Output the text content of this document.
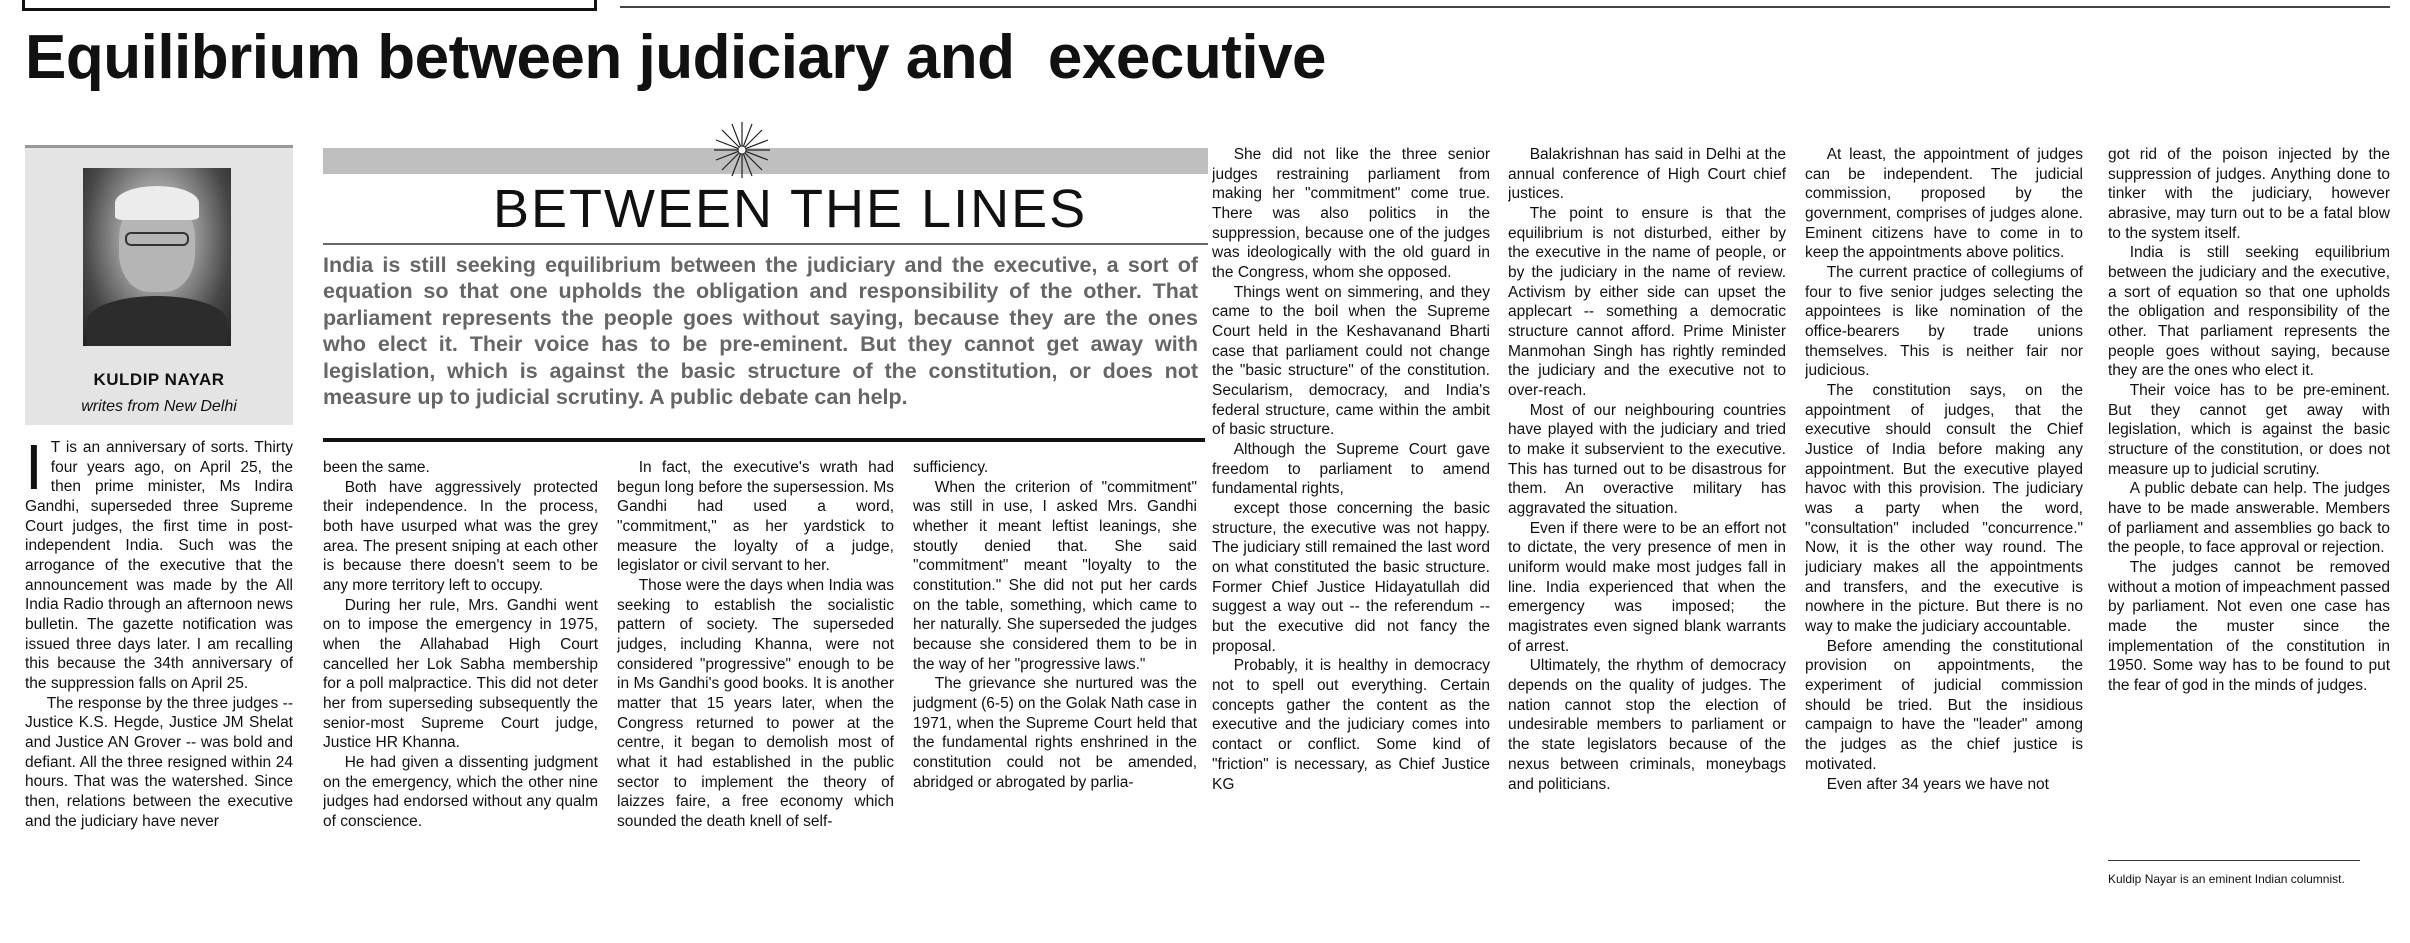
Equilibrium between judiciary and  executive
KULDIP NAYAR
writes from New Delhi
BETWEEN THE LINES
India is still seeking equilibrium between the judiciary and the executive, a sort of equation so that one upholds the obligation and responsibility of the other. That parliament represents the people goes without saying, because they are the ones who elect it. Their voice has to be pre-eminent. But they cannot get away with legislation, which is against the basic structure of the constitution, or does not measure up to judicial scrutiny. A public debate can help.

I T is an anniversary of sorts. Thirty four years ago, on April 25, the then prime minister, Ms Indira Gandhi, superseded three Supreme Court judges, the first time in post-independent India. Such was the arrogance of the executive that the announcement was made by the All India Radio through an afternoon news bulletin. The gazette notification was issued three days later. I am recalling this because the 34th anniversary of the suppression falls on April 25.

The response by the three judges -- Justice K.S. Hegde, Justice JM Shelat and Justice AN Grover -- was bold and defiant. All the three resigned within 24 hours. That was the watershed. Since then, relations between the executive and the judiciary have never

been the same.

Both have aggressively protected their independence. In the process, both have usurped what was the grey area. The present sniping at each other is because there doesn't seem to be any more territory left to occupy.

During her rule, Mrs. Gandhi went on to impose the emergency in 1975, when the Allahabad High Court cancelled her Lok Sabha membership for a poll malpractice. This did not deter her from superseding subsequently the senior-most Supreme Court judge, Justice HR Khanna.

He had given a dissenting judgment on the emergency, which the other nine judges had endorsed without any qualm of conscience.

In fact, the executive's wrath had begun long before the supersession. Ms Gandhi had used a word, "commitment," as her yardstick to measure the loyalty of a judge, legislator or civil servant to her.

Those were the days when India was seeking to establish the socialistic pattern of society. The superseded judges, including Khanna, were not considered "progressive" enough to be in Ms Gandhi's good books. It is another matter that 15 years later, when the Congress returned to power at the centre, it began to demolish most of what it had established in the public sector to implement the theory of laizzes faire, a free economy which sounded the death knell of self-

sufficiency.

When the criterion of "commitment" was still in use, I asked Mrs. Gandhi whether it meant leftist leanings, she stoutly denied that. She said "commitment" meant "loyalty to the constitution." She did not put her cards on the table, something, which came to her naturally. She superseded the judges because she considered them to be in the way of her "progressive laws."

The grievance she nurtured was the judgment (6-5) on the Golak Nath case in 1971, when the Supreme Court held that the fundamental rights enshrined in the constitution could not be amended, abridged or abrogated by parlia-

She did not like the three senior judges restraining parliament from making her "commitment" come true. There was also politics in the suppression, because one of the judges was ideologically with the old guard in the Congress, whom she opposed.

Things went on simmering, and they came to the boil when the Supreme Court held in the Keshavanand Bharti case that parliament could not change the "basic structure" of the constitution. Secularism, democracy, and India's federal structure, came within the ambit of basic structure.

Although the Supreme Court gave freedom to parliament to amend fundamental rights,

except those concerning the basic structure, the executive was not happy. The judiciary still remained the last word on what constituted the basic structure. Former Chief Justice Hidayatullah did suggest a way out -- the referendum -- but the executive did not fancy the proposal.

Probably, it is healthy in democracy not to spell out everything. Certain concepts gather the content as the executive and the judiciary comes into contact or conflict. Some kind of "friction" is necessary, as Chief Justice KG

Balakrishnan has said in Delhi at the annual conference of High Court chief justices.

The point to ensure is that the equilibrium is not disturbed, either by the executive in the name of people, or by the judiciary in the name of review. Activism by either side can upset the applecart -- something a democratic structure cannot afford. Prime Minister Manmohan Singh has rightly reminded the judiciary and the executive not to over-reach.

Most of our neighbouring countries have played with the judiciary and tried to make it subservient to the executive. This has turned out to be disastrous for them. An overactive military has aggravated the situation.

Even if there were to be an effort not to dictate, the very presence of men in uniform would make most judges fall in line. India experienced that when the emergency was imposed; the magistrates even signed blank warrants of arrest.

Ultimately, the rhythm of democracy depends on the quality of judges. The nation cannot stop the election of undesirable members to parliament or the state legislators because of the nexus between criminals, moneybags and politicians.

At least, the appointment of judges can be independent. The judicial commission, proposed by the government, comprises of judges alone. Eminent citizens have to come in to keep the appointments above politics.

The current practice of collegiums of four to five senior judges selecting the appointees is like nomination of the office-bearers by trade unions themselves. This is neither fair nor judicious.

The constitution says, on the appointment of judges, that the executive should consult the Chief Justice of India before making any appointment. But the executive played havoc with this provision. The judiciary was a party when the word, "consultation" included "concurrence." Now, it is the other way round. The judiciary makes all the appointments and transfers, and the executive is nowhere in the picture. But there is no way to make the judiciary accountable.

Before amending the constitutional provision on appointments, the experiment of judicial commission should be tried. But the insidious campaign to have the "leader" among the judges as the chief justice is motivated.

Even after 34 years we have not

got rid of the poison injected by the suppression of judges. Anything done to tinker with the judiciary, however abrasive, may turn out to be a fatal blow to the system itself.

India is still seeking equilibrium between the judiciary and the executive, a sort of equation so that one upholds the obligation and responsibility of the other. That parliament represents the people goes without saying, because they are the ones who elect it.

Their voice has to be pre-eminent. But they cannot get away with legislation, which is against the basic structure of the constitution, or does not measure up to judicial scrutiny.

A public debate can help. The judges have to be made answerable. Members of parliament and assemblies go back to the people, to face approval or rejection.

The judges cannot be removed without a motion of impeachment passed by parliament. Not even one case has made the muster since the implementation of the constitution in 1950. Some way has to be found to put the fear of god in the minds of judges.

Kuldip Nayar is an eminent Indian columnist.
